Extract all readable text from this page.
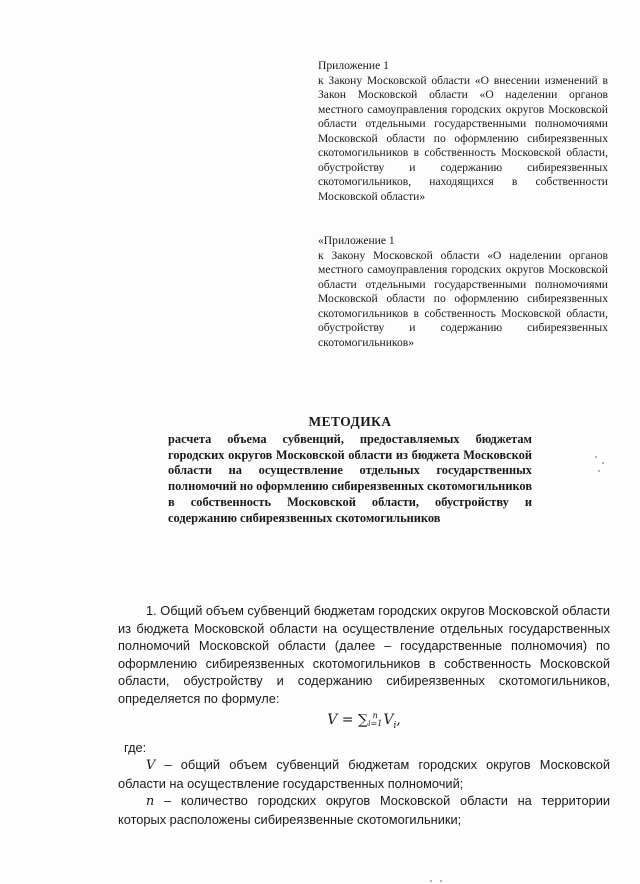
Приложение 1
к Закону Московской области «О внесении изменений в Закон Московской области «О наделении органов местного самоуправления городских округов Московской области отдельными государственными полномочиями Московской области по оформлению сибиреязвенных скотомогильников в собственность Московской области, обустройству и содержанию сибиреязвенных скотомогильников, находящихся в собственности Московской области»
«Приложение 1
к Закону Московской области «О наделении органов местного самоуправления городских округов Московской области отдельными государственными полномочиями Московской области по оформлению сибиреязвенных скотомогильников в собственность Московской области, обустройству и содержанию сибиреязвенных скотомогильников»
МЕТОДИКА
расчета объема субвенций, предоставляемых бюджетам городских округов Московской области из бюджета Московской области на осуществление отдельных государственных полномочий но оформлению сибиреязвенных скотомогильников в собственность Московской области, обустройству и содержанию сибиреязвенных скотомогильников
1. Общий объем субвенций бюджетам городских округов Московской области из бюджета Московской области на осуществление отдельных государственных полномочий Московской области (далее – государственные полномочия) по оформлению сибиреязвенных скотомогильников в собственность Московской области, обустройству и содержанию сибиреязвенных скотомогильников, определяется по формуле:
V = ∑ n
i=1 $V_i$,
где:
V – общий объем субвенций бюджетам городских округов Московской области на осуществление государственных полномочий;
n – количество городских округов Московской области на территории которых расположены сибиреязвенные скотомогильники;
